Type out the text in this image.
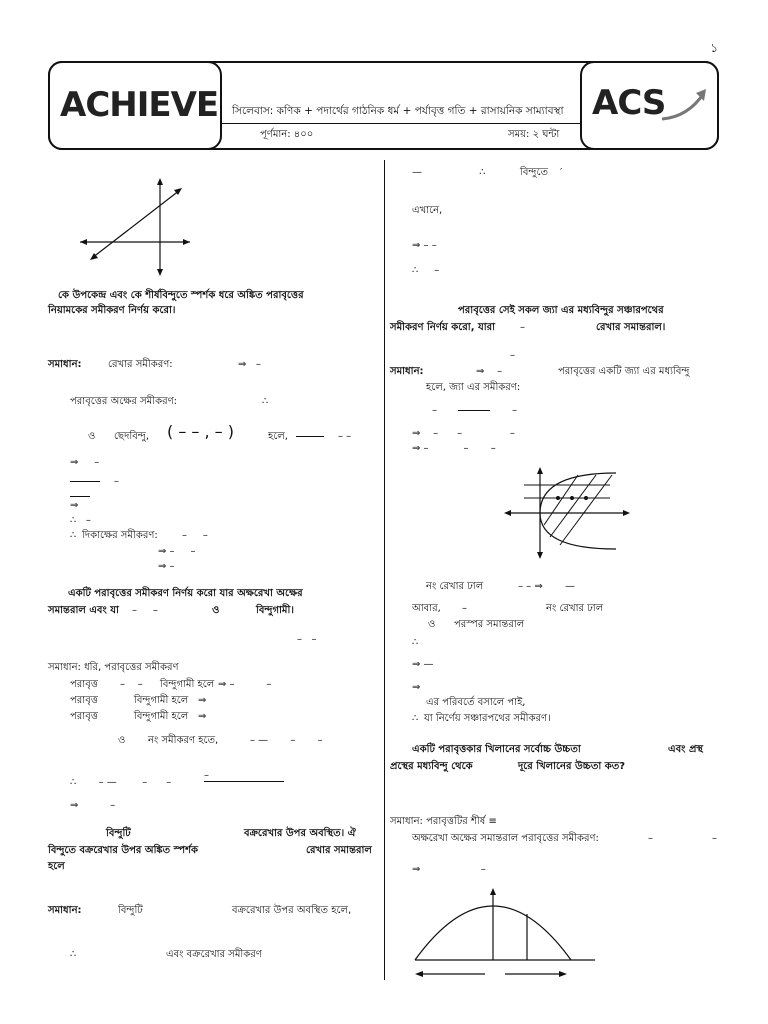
১
ACHIEVE সিলেবাস: কণিক + পদার্থের গাঠনিক ধর্ম + পর্যাবৃত্ত গতি + রাসায়নিক সাম্যাবস্থা
পূর্ণমান: ৪০০	সময়: ২ ঘন্টা
ACS
কে উপকেন্দ্র এবং কে শীর্ষবিন্দুতে স্পর্শক ধরে অঙ্কিত পরাবৃত্তের
নিয়ামকের সমীকরণ নির্ণয় করো।
সমাধান:	রেখার সমীকরণ:	⇒   –
পরাবৃত্তের অক্ষের সমীকরণ:	∴
ও ছেদবিন্দু, ( – – , – )	হলে,	– –
⇒     –
–
⇒
∴   –
∴ দিকাক্ষের সমীকরণ: –     –
⇒ –     –
⇒ –
একটি পরাবৃত্তের সমীকরণ নির্ণয় করো যার অক্ষরেখা অক্ষের
সমান্তরাল এবং যা –     –	ও	বিন্দুগামী।
–   –
সমাধান: ধরি, পরাবৃত্তের সমীকরণ
পরাবৃত্ত –    – বিন্দুগামী হলে ⇒ –          –
পরাবৃত্ত	বিন্দুগামী হলে ⇒
পরাবৃত্ত	বিন্দুগামী হলে ⇒
ও নং সমীকরণ হতে,	– —       –       –
∴       – —        –      –
–
⇒          –
বিন্দুটি	বক্ররেখার উপর অবস্থিত। ঐ
বিন্দুতে বক্ররেখার উপর অঙ্কিত স্পর্শক	রেখার সমান্তরাল
হলে
সমাধান:	বিন্দুটি	বক্ররেখার উপর অবস্থিত হলে,
∴	এবং বক্ররেখার সমীকরণ
—                  ∴	বিন্দুতে ′
এখানে,
⇒ – –
∴     –
পরাবৃত্তের সেই সকল জ্যা এর মধ্যবিন্দুর সঞ্চারপথের
সমীকরণ নির্ণয় করো, যারা –	রেখার সমান্তরাল।
–
সমাধান:	⇒    –	পরাবৃত্তের একটি জ্যা এর মধ্যবিন্দু
হলে, জ্যা এর সমীকরণ:
–	–
⇒    –      –               –
⇒ –           –       –
নং রেখার ঢাল	– – ⇒       —
আবার, –	নং রেখার ঢাল
ও পরস্পর সমান্তরাল
∴
⇒ —
⇒
এর পরিবর্তে বসালে পাই,
∴ যা নির্ণেয় সঞ্চারপথের সমীকরণ।
একটি পরাবৃত্তকার খিলানের সর্বোচ্চ উচ্চতা	এবং প্রস্থ
প্রস্থের মধ্যবিন্দু থেকে	দূরে খিলানের উচ্চতা কত?
সমাধান: পরাবৃত্তটির শীর্ষ ≡
অক্ষরেখা অক্ষের সমান্তরাল পরাবৃত্তের সমীকরণ:	–	–
⇒                   –
